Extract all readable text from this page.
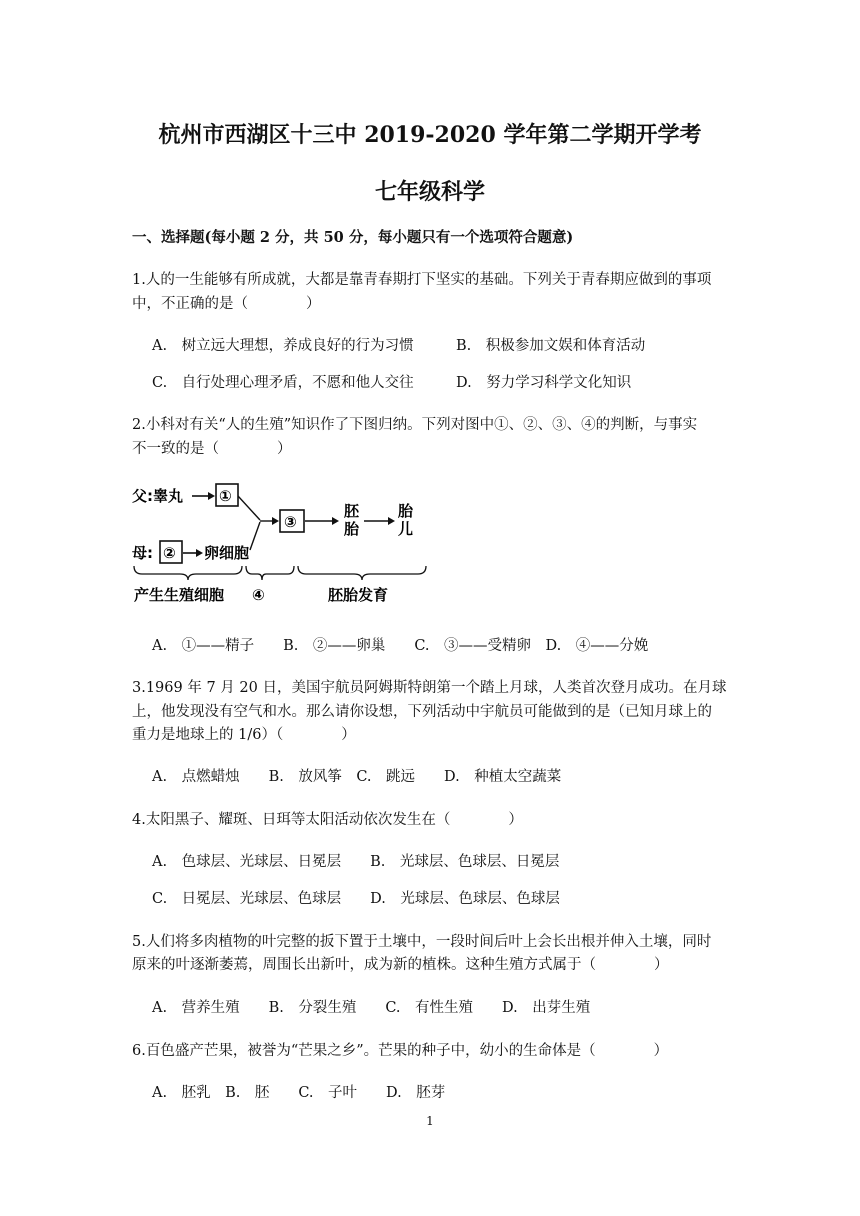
杭州市西湖区十三中 2019-2020 学年第二学期开学考
七年级科学
一、选择题(每小题 2 分，共 50 分，每小题只有一个选项符合题意)
1.人的一生能够有所成就，大都是靠青春期打下坚实的基础。下列关于青春期应做到的事项
中，不正确的是（　　　　）
A.　树立远大理想，养成良好的行为习惯	B.　积极参加文娱和体育活动
C.　自行处理心理矛盾，不愿和他人交往	D.　努力学习科学文化知识
2.小科对有关“人的生殖”知识作了下图归纳。下列对图中①、②、③、④的判断，与事实
不一致的是（　　　　）
父:睾丸 ①
母: ② 卵细胞
③
胚
胎
胎
儿
产生生殖细胞 ④	胚胎发育
A.　①——精子　　B.　②——卵巢　　C.　③——受精卵　D.　④——分娩
3.1969 年 7 月 20 日，美国宇航员阿姆斯特朗第一个踏上月球，人类首次登月成功。在月球
上，他发现没有空气和水。那么请你设想，下列活动中宇航员可能做到的是（已知月球上的
重力是地球上的 1/6）（　　　　）
A.　点燃蜡烛　　B.　放风筝　C.　跳远　　D.　种植太空蔬菜
4.太阳黑子、耀斑、日珥等太阳活动依次发生在（　　　　）
A.　色球层、光球层、日冕层　　B.　光球层、色球层、日冕层
C.　日冕层、光球层、色球层　　D.　光球层、色球层、色球层
5.人们将多肉植物的叶完整的扳下置于土壤中，一段时间后叶上会长出根并伸入土壤，同时
原来的叶逐渐萎蔫，周围长出新叶，成为新的植株。这种生殖方式属于（　　　　）
A.　营养生殖　　B.　分裂生殖　　C.　有性生殖　　D.　出芽生殖
6.百色盛产芒果，被誉为“芒果之乡”。芒果的种子中，幼小的生命体是（　　　　）
A.　胚乳　B.　胚　　C.　子叶　　D.　胚芽
1
